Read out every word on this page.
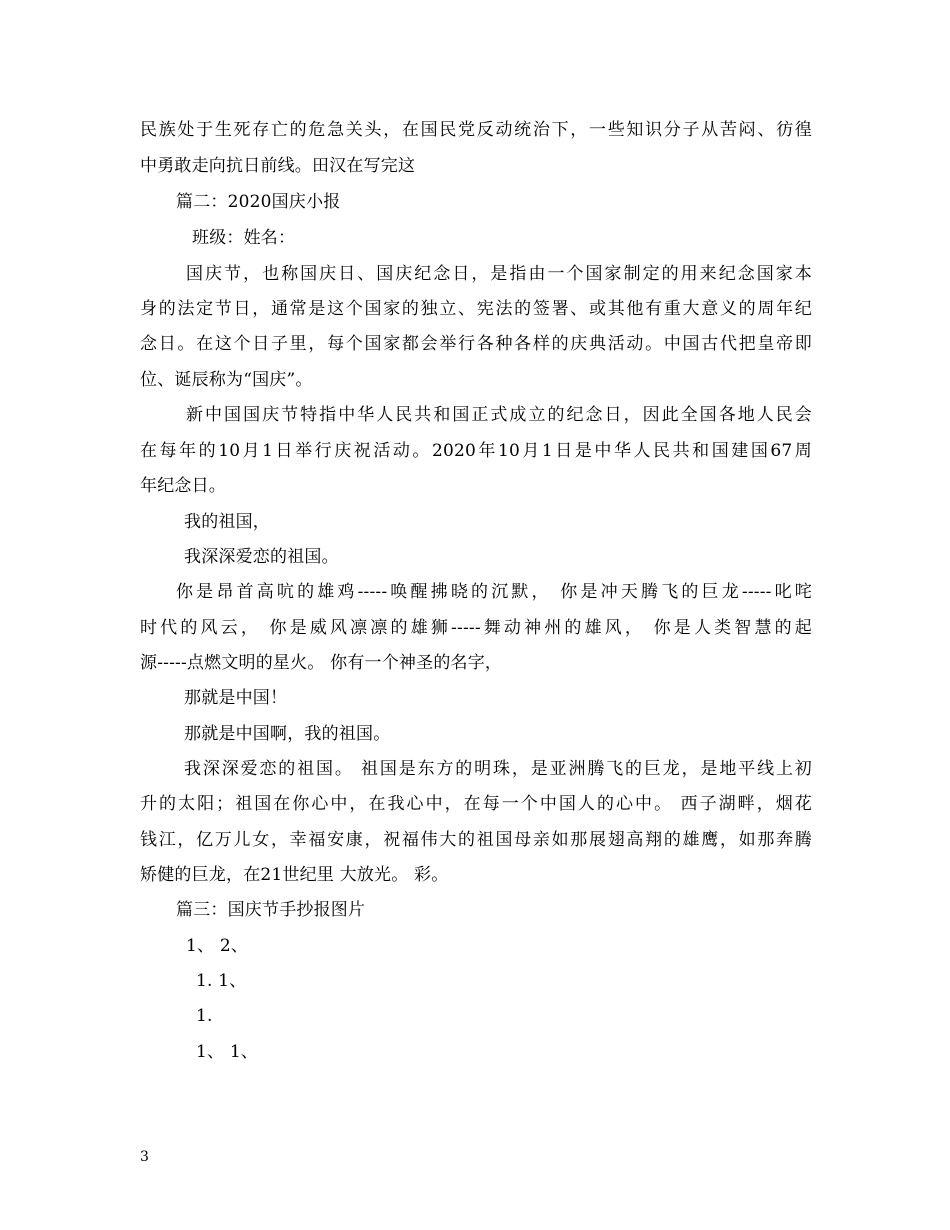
民族处于生死存亡的危急关头，在国民党反动统治下，一些知识分子从苦闷、彷徨
中勇敢走向抗日前线。田汉在写完这
篇二：2020国庆小报
班级：姓名：
国庆节，也称国庆日、国庆纪念日，是指由一个国家制定的用来纪念国家本
身的法定节日，通常是这个国家的独立、宪法的签署、或其他有重大意义的周年纪
念日。在这个日子里，每个国家都会举行各种各样的庆典活动。中国古代把皇帝即
位、诞辰称为“国庆”。
新中国国庆节特指中华人民共和国正式成立的纪念日，因此全国各地人民会
在每年的10月1日举行庆祝活动。2020年10月1日是中华人民共和国建国67周
年纪念日。
我的祖国，
我深深爱恋的祖国。
你是昂首高吭的雄鸡-----唤醒拂晓的沉默， 你是冲天腾飞的巨龙-----叱咤
时代的风云， 你是威风凛凛的雄狮-----舞动神州的雄风， 你是人类智慧的起
源-----点燃文明的星火。 你有一个神圣的名字，
那就是中国！
那就是中国啊，我的祖国。
我深深爱恋的祖国。 祖国是东方的明珠，是亚洲腾飞的巨龙，是地平线上初
升的太阳；祖国在你心中，在我心中，在每一个中国人的心中。 西子湖畔，烟花
钱江，亿万儿女，幸福安康，祝福伟大的祖国母亲如那展翅高翔的雄鹰，如那奔腾
矫健的巨龙，在21世纪里 大放光。 彩。
篇三：国庆节手抄报图片
1、 2、
1. 1、
1.
1、 1、
3
